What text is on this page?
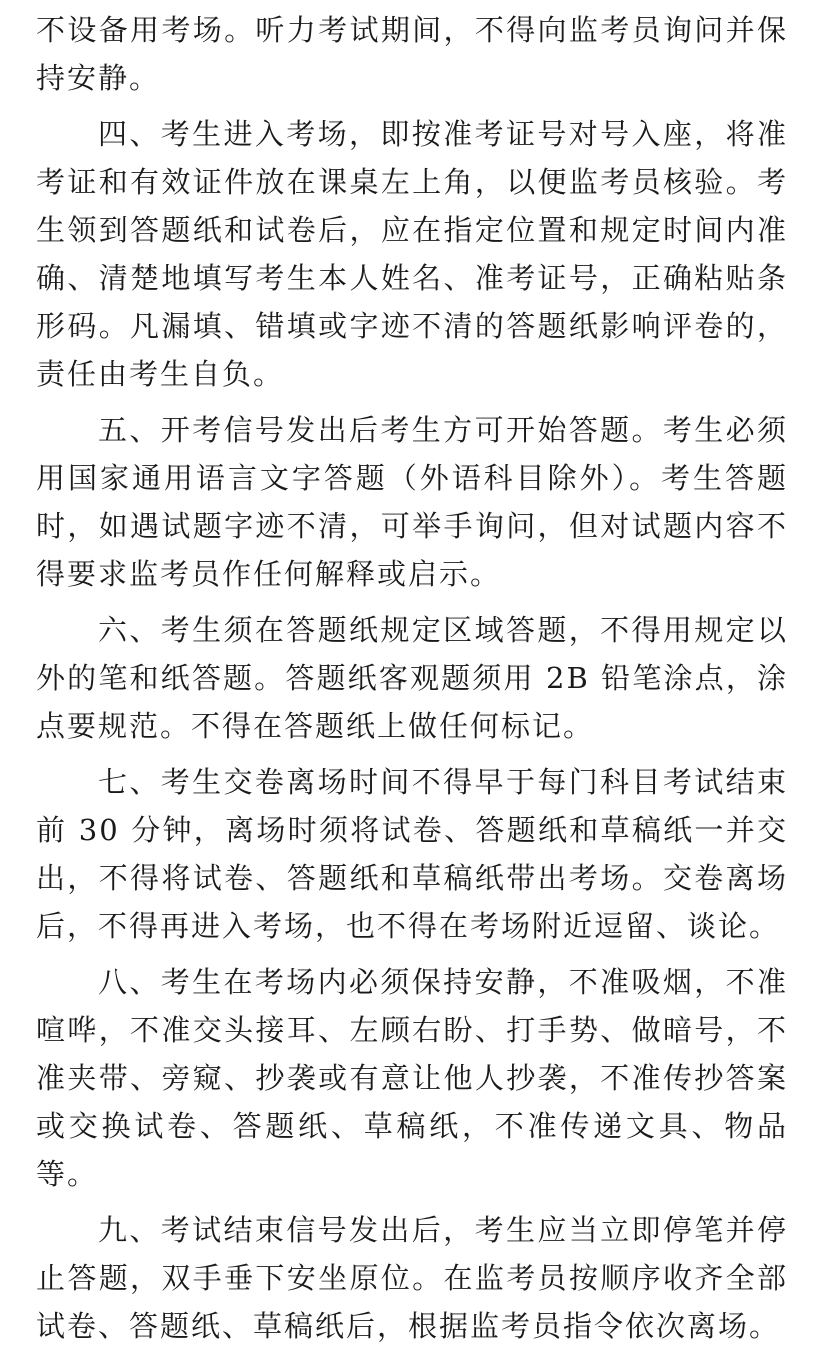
不设备用考场。听力考试期间，不得向监考员询问并保持安静。

四、考生进入考场，即按准考证号对号入座，将准考证和有效证件放在课桌左上角，以便监考员核验。考生领到答题纸和试卷后，应在指定位置和规定时间内准确、清楚地填写考生本人姓名、准考证号，正确粘贴条形码。凡漏填、错填或字迹不清的答题纸影响评卷的，责任由考生自负。

五、开考信号发出后考生方可开始答题。考生必须用国家通用语言文字答题（外语科目除外）。考生答题时，如遇试题字迹不清，可举手询问，但对试题内容不得要求监考员作任何解释或启示。

六、考生须在答题纸规定区域答题，不得用规定以外的笔和纸答题。答题纸客观题须用 2B 铅笔涂点，涂点要规范。不得在答题纸上做任何标记。

七、考生交卷离场时间不得早于每门科目考试结束前 30 分钟，离场时须将试卷、答题纸和草稿纸一并交出，不得将试卷、答题纸和草稿纸带出考场。交卷离场后，不得再进入考场，也不得在考场附近逗留、谈论。

八、考生在考场内必须保持安静，不准吸烟，不准喧哗，不准交头接耳、左顾右盼、打手势、做暗号，不准夹带、旁窥、抄袭或有意让他人抄袭，不准传抄答案或交换试卷、答题纸、草稿纸，不准传递文具、物品等。

九、考试结束信号发出后，考生应当立即停笔并停止答题，双手垂下安坐原位。在监考员按顺序收齐全部试卷、答题纸、草稿纸后，根据监考员指令依次离场。
